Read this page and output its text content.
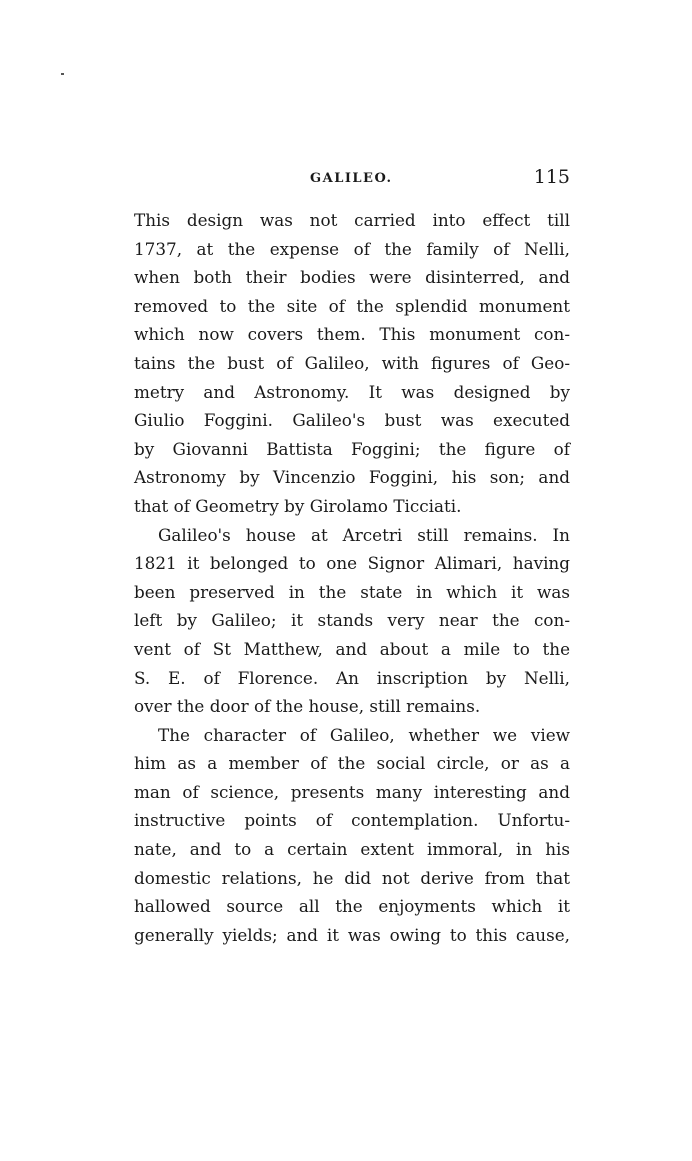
GALILEO.	115
This design was not carried into effect till
1737, at the expense of the family of Nelli,
when both their bodies were disinterred, and
removed to the site of the splendid monument
which now covers them. This monument con-
tains the bust of Galileo, with figures of Geo-
metry and Astronomy. It was designed by
Giulio Foggini. Galileo's bust was executed
by Giovanni Battista Foggini; the figure of
Astronomy by Vincenzio Foggini, his son; and
that of Geometry by Girolamo Ticciati.
Galileo's house at Arcetri still remains. In
1821 it belonged to one Signor Alimari, having
been preserved in the state in which it was
left by Galileo; it stands very near the con-
vent of St Matthew, and about a mile to the
S. E. of Florence. An inscription by Nelli,
over the door of the house, still remains.
The character of Galileo, whether we view
him as a member of the social circle, or as a
man of science, presents many interesting and
instructive points of contemplation. Unfortu-
nate, and to a certain extent immoral, in his
domestic relations, he did not derive from that
hallowed source all the enjoyments which it
generally yields; and it was owing to this cause,
